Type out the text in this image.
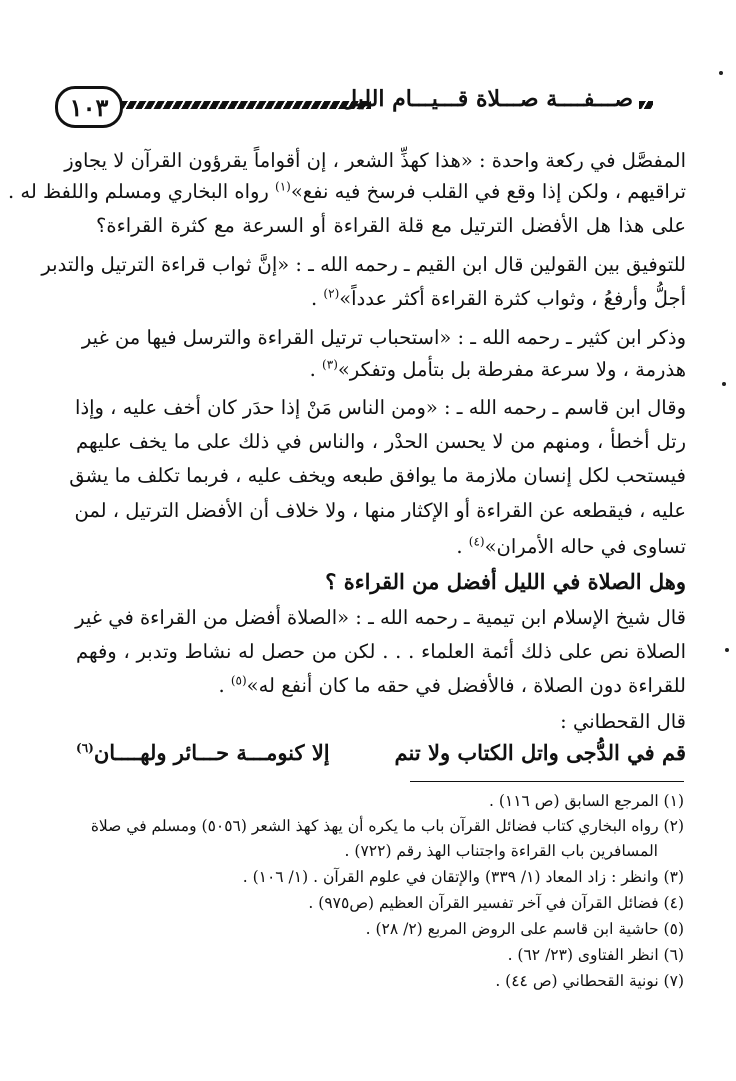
١٠٣	صـــفــــة صـــلاة قـــيـــام الليل
المفصَّل في ركعة واحدة : «هذا كهذِّ الشعر ، إن أقواماً يقرؤون القرآن لا يجاوز
تراقيهم ، ولكن إذا وقع في القلب فرسخ فيه نفع»$^{(١)}$ رواه البخاري ومسلم واللفظ له .
على هذا هل الأفضل الترتيل مع قلة القراءة أو السرعة مع كثرة القراءة؟
للتوفيق بين القولين قال ابن القيم ـ رحمه الله ـ : «إنَّ ثواب قراءة الترتيل والتدبر
أجلُّ وأرفعُ ، وثواب كثرة القراءة أكثر عدداً»$^{(٢)}$ .
وذكر ابن كثير ـ رحمه الله ـ : «استحباب ترتيل القراءة والترسل فيها من غير
هذرمة ، ولا سرعة مفرطة بل بتأمل وتفكر»$^{(٣)}$ .
وقال ابن قاسم ـ رحمه الله ـ : «ومن الناس مَنْ إذا حدَر كان أخف عليه ، وإذا
رتل أخطأ ، ومنهم من لا يحسن الحدْر ، والناس في ذلك على ما يخف عليهم
فيستحب لكل إنسان ملازمة ما يوافق طبعه ويخف عليه ، فربما تكلف ما يشق
عليه ، فيقطعه عن القراءة أو الإكثار منها ، ولا خلاف أن الأفضل الترتيل ، لمن
تساوى في حاله الأمران»$^{(٤)}$ .
وهل الصلاة في الليل أفضل من القراءة ؟
قال شيخ الإسلام ابن تيمية ـ رحمه الله ـ : «الصلاة أفضل من القراءة في غير
الصلاة نص على ذلك أئمة العلماء . . . لكن من حصل له نشاط وتدبر ، وفهم
للقراءة دون الصلاة ، فالأفضل في حقه ما كان أنفع له»$^{(٥)}$ .
قال القحطاني :
قم في الدُّجى واتل الكتاب ولا تنم
إلا كنومـــة حـــائر ولهــــان$^{(٦)}$
(١) المرجع السابق (ص ١١٦) .
(٢) رواه البخاري كتاب فضائل القرآن باب ما يكره أن يهذ كهذ الشعر (٥٠٥٦) ومسلم في صلاة
المسافرين باب القراءة واجتناب الهذ رقم (٧٢٢) .
(٣) وانظر : زاد المعاد (١/ ٣٣٩) والإتقان في علوم القرآن . (١/ ١٠٦) .
(٤) فضائل القرآن في آخر تفسير القرآن العظيم (ص٩٧٥) .
(٥) حاشية ابن قاسم على الروض المربع (٢/ ٢٨) .
(٦) انظر الفتاوى (٢٣/ ٦٢) .
(٧) نونية القحطاني (ص ٤٤) .
